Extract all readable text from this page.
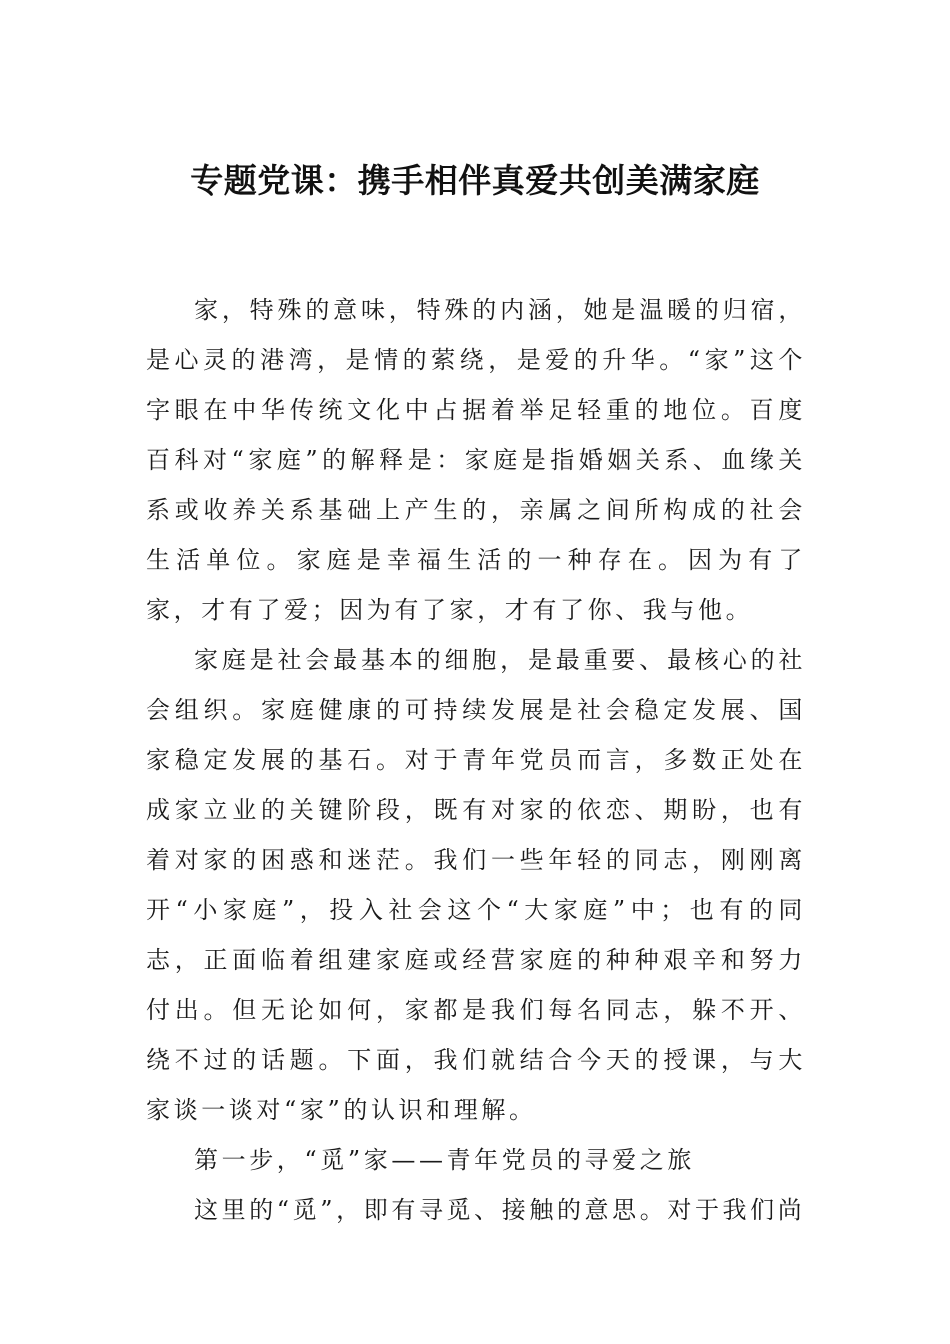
专题党课：携手相伴真爱共创美满家庭

家，特殊的意味，特殊的内涵，她是温暖的归宿，是心灵的港湾，是情的萦绕，是爱的升华。“家”这个字眼在中华传统文化中占据着举足轻重的地位。百度百科对“家庭”的解释是：家庭是指婚姻关系、血缘关系或收养关系基础上产生的，亲属之间所构成的社会生活单位。家庭是幸福生活的一种存在。因为有了家，才有了爱；因为有了家，才有了你、我与他。

家庭是社会最基本的细胞，是最重要、最核心的社会组织。家庭健康的可持续发展是社会稳定发展、国家稳定发展的基石。对于青年党员而言，多数正处在成家立业的关键阶段，既有对家的依恋、期盼，也有着对家的困惑和迷茫。我们一些年轻的同志，刚刚离开“小家庭”，投入社会这个“大家庭”中；也有的同志，正面临着组建家庭或经营家庭的种种艰辛和努力付出。但无论如何，家都是我们每名同志，躲不开、绕不过的话题。下面，我们就结合今天的授课，与大家谈一谈对“家”的认识和理解。

第一步，“觅”家——青年党员的寻爱之旅

这里的“觅”，即有寻觅、接触的意思。对于我们尚
